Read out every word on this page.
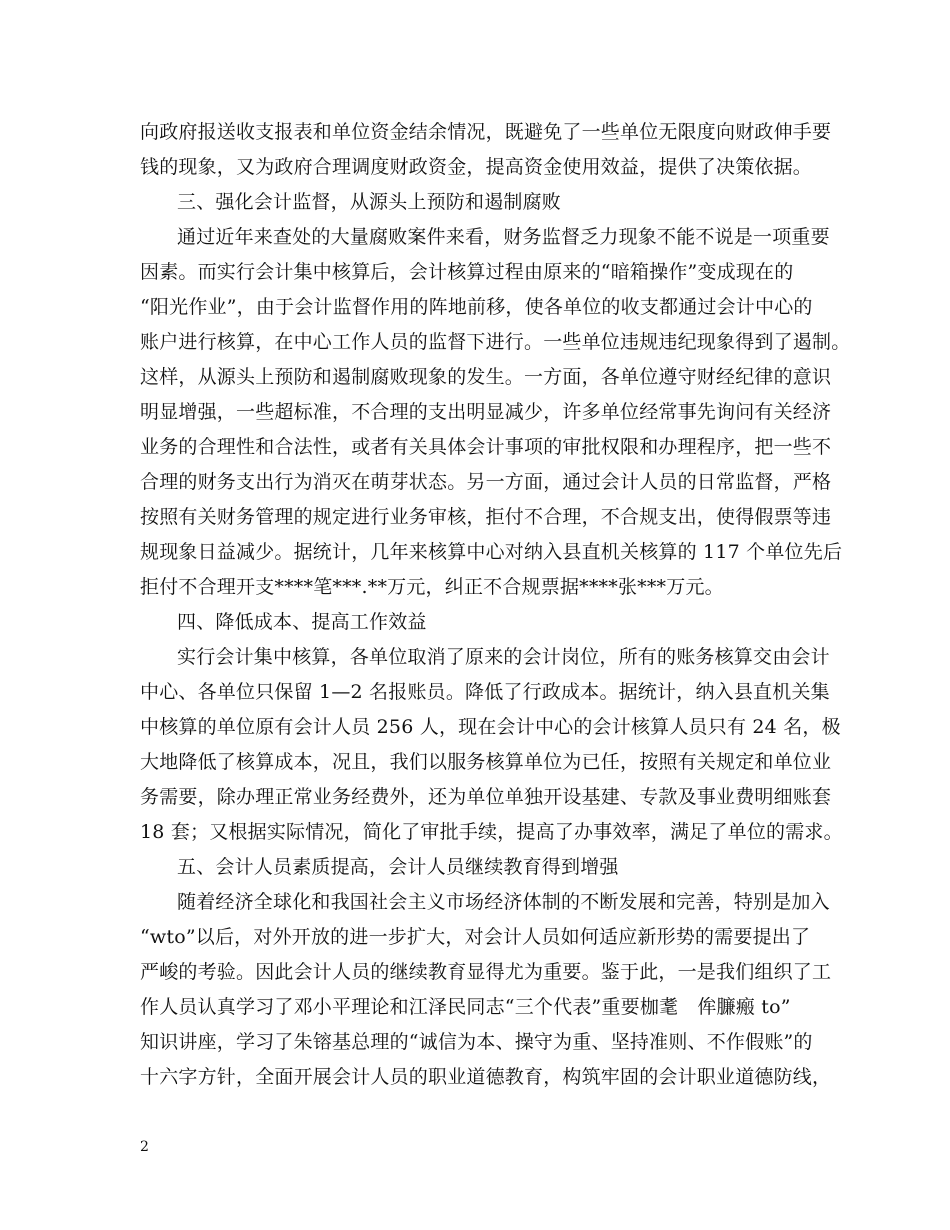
向政府报送收支报表和单位资金结余情况，既避免了一些单位无限度向财政伸手要
钱的现象，又为政府合理调度财政资金，提高资金使用效益，提供了决策依据。
三、强化会计监督，从源头上预防和遏制腐败
通过近年来查处的大量腐败案件来看，财务监督乏力现象不能不说是一项重要
因素。而实行会计集中核算后，会计核算过程由原来的“暗箱操作”变成现在的
“阳光作业”，由于会计监督作用的阵地前移，使各单位的收支都通过会计中心的
账户进行核算，在中心工作人员的监督下进行。一些单位违规违纪现象得到了遏制。
这样，从源头上预防和遏制腐败现象的发生。一方面，各单位遵守财经纪律的意识
明显增强，一些超标准，不合理的支出明显减少，许多单位经常事先询问有关经济
业务的合理性和合法性，或者有关具体会计事项的审批权限和办理程序，把一些不
合理的财务支出行为消灭在萌芽状态。另一方面，通过会计人员的日常监督，严格
按照有关财务管理的规定进行业务审核，拒付不合理，不合规支出，使得假票等违
规现象日益减少。据统计，几年来核算中心对纳入县直机关核算的 117 个单位先后
拒付不合理开支****笔***.**万元，纠正不合规票据****张***万元。
四、降低成本、提高工作效益
实行会计集中核算，各单位取消了原来的会计岗位，所有的账务核算交由会计
中心、各单位只保留 1—2 名报账员。降低了行政成本。据统计，纳入县直机关集
中核算的单位原有会计人员 256 人，现在会计中心的会计核算人员只有 24 名，极
大地降低了核算成本，况且，我们以服务核算单位为已任，按照有关规定和单位业
务需要，除办理正常业务经费外，还为单位单独开设基建、专款及事业费明细账套
18 套；又根据实际情况，简化了审批手续，提高了办事效率，满足了单位的需求。
五、会计人员素质提高，会计人员继续教育得到增强
随着经济全球化和我国社会主义市场经济体制的不断发展和完善，特别是加入
“wto”以后，对外开放的进一步扩大，对会计人员如何适应新形势的需要提出了
严峻的考验。因此会计人员的继续教育显得尤为重要。鉴于此，一是我们组织了工
作人员认真学习了邓小平理论和江泽民同志“三个代表”重要枷耄　侔臁瘢 to”
知识讲座，学习了朱镕基总理的“诚信为本、操守为重、坚持准则、不作假账”的
十六字方针，全面开展会计人员的职业道德教育，构筑牢固的会计职业道德防线，
2
